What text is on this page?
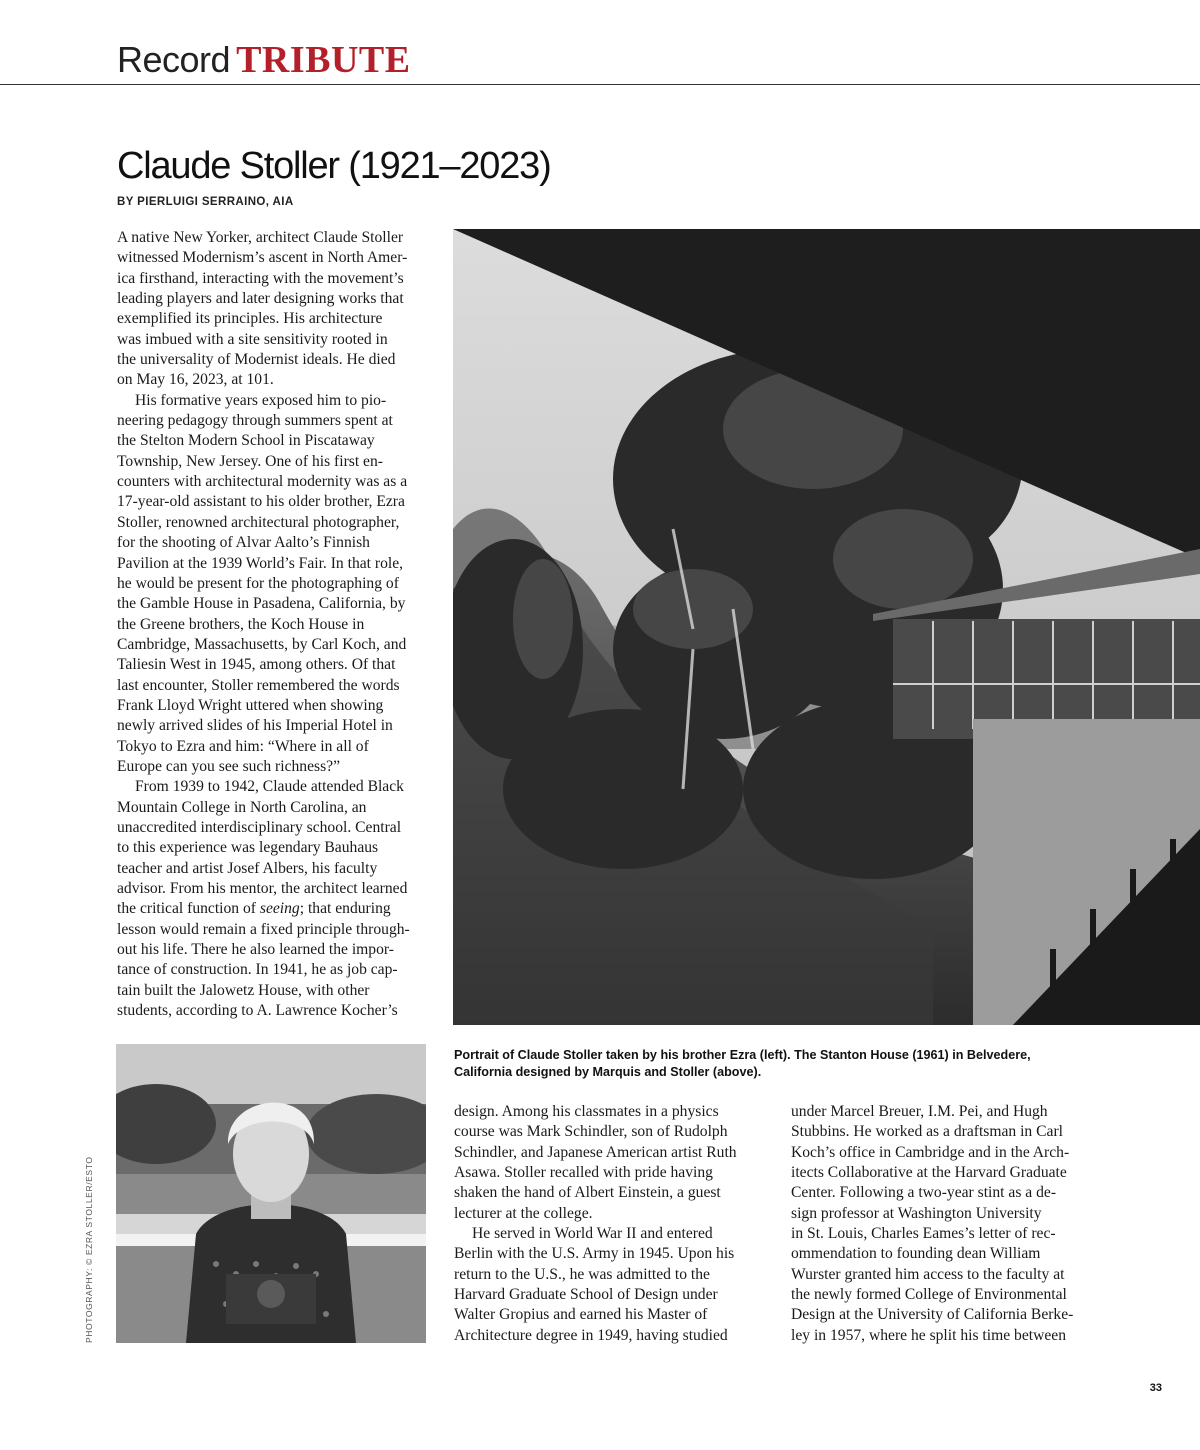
Record TRIBUTE
Claude Stoller (1921–2023)
BY PIERLUIGI SERRAINO, AIA
A native New Yorker, architect Claude Stoller
witnessed Modernism’s ascent in North Amer-
ica firsthand, interacting with the movement’s
leading players and later designing works that
exemplified its principles. His architecture
was imbued with a site sensitivity rooted in
the universality of Modernist ideals. He died
on May 16, 2023, at 101.
His formative years exposed him to pio-
neering pedagogy through summers spent at
the Stelton Modern School in Piscataway
Township, New Jersey. One of his first en-
counters with architectural modernity was as a
17-year-old assistant to his older brother, Ezra
Stoller, renowned architectural photographer,
for the shooting of Alvar Aalto’s Finnish
Pavilion at the 1939 World’s Fair. In that role,
he would be present for the photographing of
the Gamble House in Pasadena, California, by
the Greene brothers, the Koch House in
Cambridge, Massachusetts, by Carl Koch, and
Taliesin West in 1945, among others. Of that
last encounter, Stoller remembered the words
Frank Lloyd Wright uttered when showing
newly arrived slides of his Imperial Hotel in
Tokyo to Ezra and him: “Where in all of
Europe can you see such richness?”
From 1939 to 1942, Claude attended Black
Mountain College in North Carolina, an
unaccredited interdisciplinary school. Central
to this experience was legendary Bauhaus
teacher and artist Josef Albers, his faculty
advisor. From his mentor, the architect learned
the critical function of seeing; that enduring
lesson would remain a fixed principle through-
out his life. There he also learned the impor-
tance of construction. In 1941, he as job cap-
tain built the Jalowetz House, with other
students, according to A. Lawrence Kocher’s
Portrait of Claude Stoller taken by his brother Ezra (left). The Stanton House (1961) in Belvedere,
California designed by Marquis and Stoller (above).
design. Among his classmates in a physics
course was Mark Schindler, son of Rudolph
Schindler, and Japanese American artist Ruth
Asawa. Stoller recalled with pride having
shaken the hand of Albert Einstein, a guest
lecturer at the college.
He served in World War II and entered
Berlin with the U.S. Army in 1945. Upon his
return to the U.S., he was admitted to the
Harvard Graduate School of Design under
Walter Gropius and earned his Master of
Architecture degree in 1949, having studied
under Marcel Breuer, I.M. Pei, and Hugh
Stubbins. He worked as a draftsman in Carl
Koch’s office in Cambridge and in the Arch-
itects Collaborative at the Harvard Graduate
Center. Following a two-year stint as a de-
sign professor at Washington University
in St. Louis, Charles Eames’s letter of rec-
ommendation to founding dean William
Wurster granted him access to the faculty at
the newly formed College of Environmental
Design at the University of California Berke-
ley in 1957, where he split his time between
PHOTOGRAPHY: © EZRA STOLLER/ESTO
33
